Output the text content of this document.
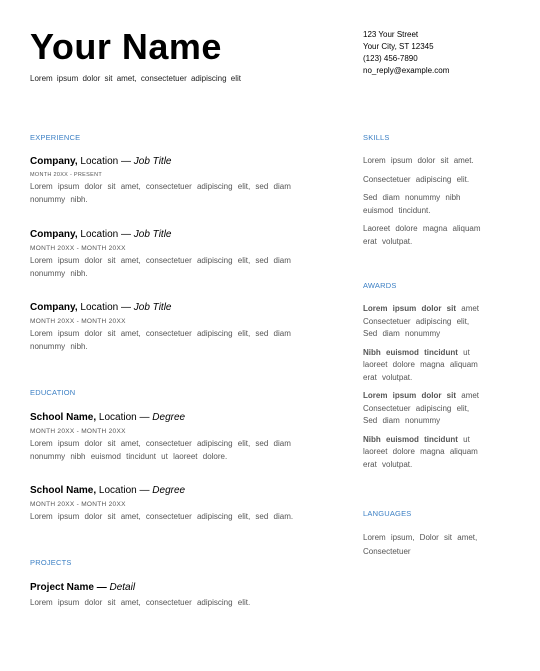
Your Name
Lorem ipsum dolor sit amet, consectetuer adipiscing elit
123 Your Street
Your City, ST 12345
(123) 456-7890
no_reply@example.com
EXPERIENCE
Company, Location — Job Title
MONTH 20XX - PRESENT
Lorem ipsum dolor sit amet, consectetuer adipiscing elit, sed diam nonummy nibh.
Company, Location — Job Title
MONTH 20XX - MONTH 20XX
Lorem ipsum dolor sit amet, consectetuer adipiscing elit, sed diam nonummy nibh.
Company, Location — Job Title
MONTH 20XX - MONTH 20XX
Lorem ipsum dolor sit amet, consectetuer adipiscing elit, sed diam nonummy nibh.
EDUCATION
School Name, Location — Degree
MONTH 20XX - MONTH 20XX
Lorem ipsum dolor sit amet, consectetuer adipiscing elit, sed diam nonummy nibh euismod tincidunt ut laoreet dolore.
School Name, Location — Degree
MONTH 20XX - MONTH 20XX
Lorem ipsum dolor sit amet, consectetuer adipiscing elit, sed diam.
PROJECTS
Project Name — Detail
Lorem ipsum dolor sit amet, consectetuer adipiscing elit.
SKILLS

Lorem ipsum dolor sit amet.

Consectetuer adipiscing elit.

Sed diam nonummy nibh euismod tincidunt.

Laoreet dolore magna aliquam erat volutpat.

AWARDS

Lorem ipsum dolor sit amet Consectetuer adipiscing elit, Sed diam nonummy

Nibh euismod tincidunt ut laoreet dolore magna aliquam erat volutpat.

Lorem ipsum dolor sit amet Consectetuer adipiscing elit, Sed diam nonummy

Nibh euismod tincidunt ut laoreet dolore magna aliquam erat volutpat.

LANGUAGES
Lorem ipsum, Dolor sit amet, Consectetuer
